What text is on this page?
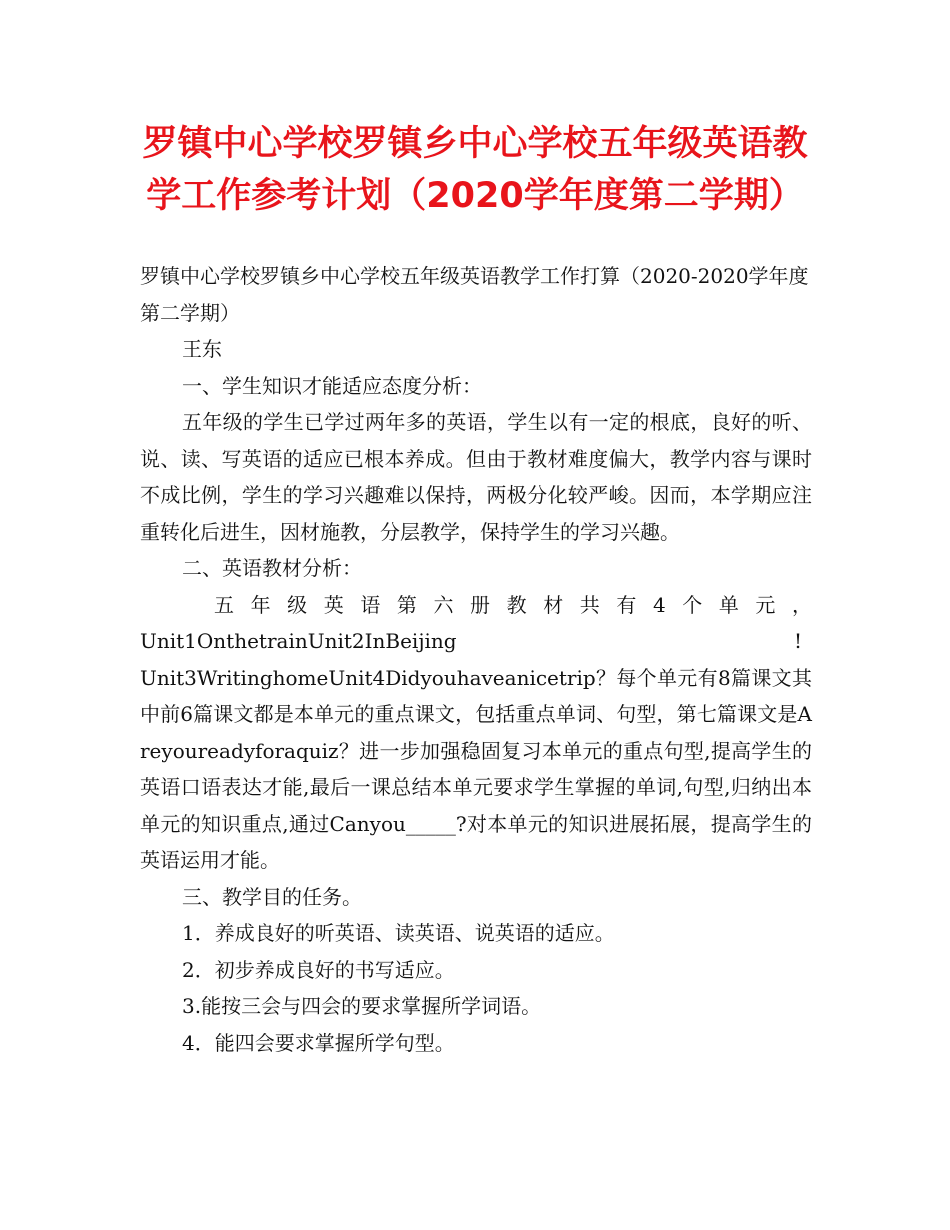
罗镇中心学校罗镇乡中心学校五年级英语教学工作参考计划（2020学年度第二学期）

罗镇中心学校罗镇乡中心学校五年级英语教学工作打算（2020-2020学年度第二学期）

王东

一、学生知识才能适应态度分析：

五年级的学生已学过两年多的英语，学生以有一定的根底，良好的听、说、读、写英语的适应已根本养成。但由于教材难度偏大，教学内容与课时不成比例，学生的学习兴趣难以保持，两极分化较严峻。因而，本学期应注重转化后进生，因材施教，分层教学，保持学生的学习兴趣。

二、英语教材分析：

五年级英语第六册教材共有4个单元，

Unit1OnthetrainUnit2InBeijing	!

Unit3WritinghomeUnit4Didyouhaveanicetrip？每个单元有8篇课文其中前6篇课文都是本单元的重点课文，包括重点单词、句型，第七篇课文是Areyoureadyforaquiz？进一步加强稳固复习本单元的重点句型,提高学生的英语口语表达才能,最后一课总结本单元要求学生掌握的单词,句型,归纳出本单元的知识重点,通过Canyou_____?对本单元的知识进展拓展，提高学生的英语运用才能。

三、教学目的任务。

1．养成良好的听英语、读英语、说英语的适应。

2．初步养成良好的书写适应。

3.能按三会与四会的要求掌握所学词语。

4．能四会要求掌握所学句型。
